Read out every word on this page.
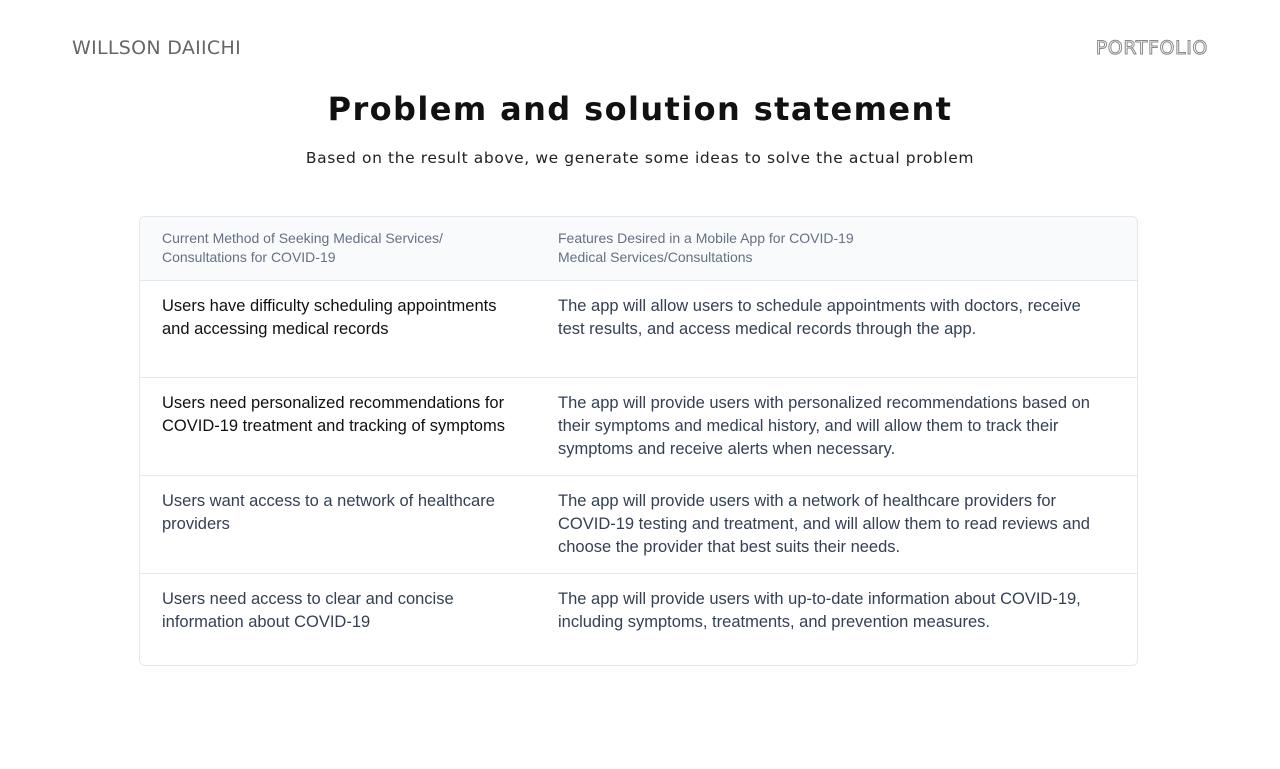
WILLSON DAIICHI	PORTFOLIO
Problem and solution statement

Based on the result above, we generate some ideas to solve the actual problem

Current Method of Seeking Medical Services/ Consultations for COVID-19	Features Desired in a Mobile App for COVID-19 Medical Services/Consultations

Users have difficulty scheduling appointments and accessing medical records	The app will allow users to schedule appointments with doctors, receive test results, and access medical records through the app.

Users need personalized recommendations for COVID-19 treatment and tracking of symptoms	The app will provide users with personalized recommendations based on their symptoms and medical history, and will allow them to track their symptoms and receive alerts when necessary.

Users want access to a network of healthcare providers	The app will provide users with a network of healthcare providers for COVID-19 testing and treatment, and will allow them to read reviews and choose the provider that best suits their needs.

Users need access to clear and concise information about COVID-19	The app will provide users with up-to-date information about COVID-19, including symptoms, treatments, and prevention measures.
